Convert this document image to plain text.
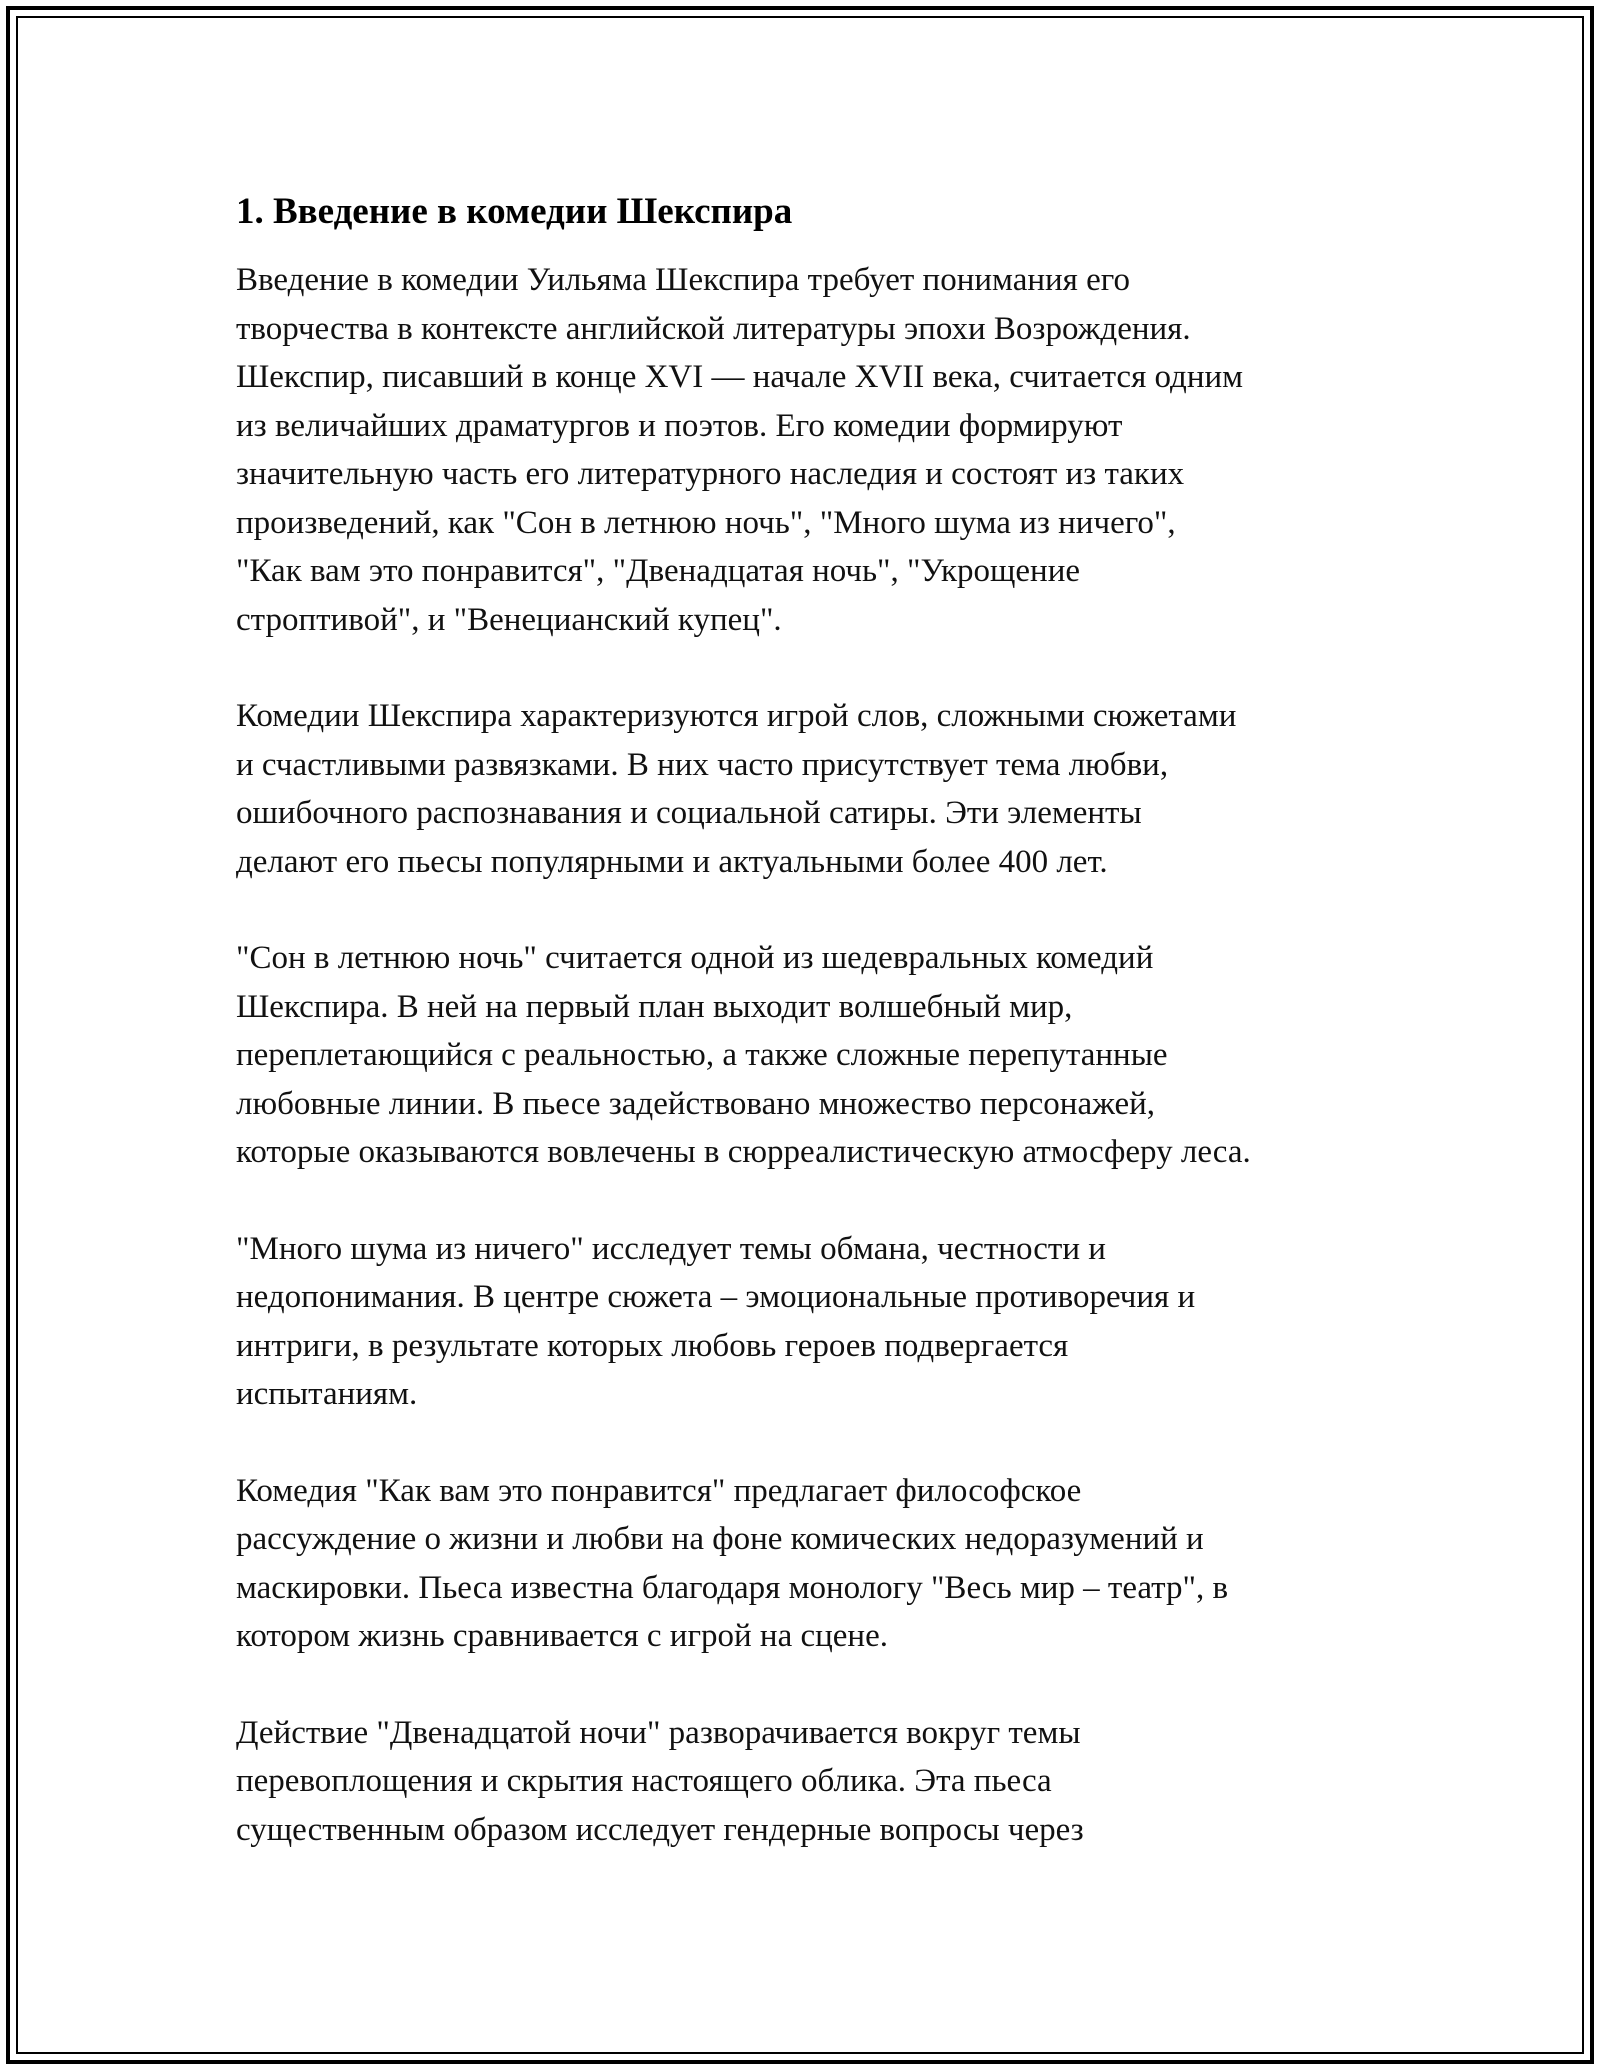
1. Введение в комедии Шекспира
Введение в комедии Уильяма Шекспира требует понимания его
творчества в контексте английской литературы эпохи Возрождения.
Шекспир, писавший в конце XVI — начале XVII века, считается одним
из величайших драматургов и поэтов. Его комедии формируют
значительную часть его литературного наследия и состоят из таких
произведений, как "Сон в летнюю ночь", "Много шума из ничего",
"Как вам это понравится", "Двенадцатая ночь", "Укрощение
строптивой", и "Венецианский купец".
Комедии Шекспира характеризуются игрой слов, сложными сюжетами
и счастливыми развязками. В них часто присутствует тема любви,
ошибочного распознавания и социальной сатиры. Эти элементы
делают его пьесы популярными и актуальными более 400 лет.
"Сон в летнюю ночь" считается одной из шедевральных комедий
Шекспира. В ней на первый план выходит волшебный мир,
переплетающийся с реальностью, а также сложные перепутанные
любовные линии. В пьесе задействовано множество персонажей,
которые оказываются вовлечены в сюрреалистическую атмосферу леса.
"Много шума из ничего" исследует темы обмана, честности и
недопонимания. В центре сюжета – эмоциональные противоречия и
интриги, в результате которых любовь героев подвергается
испытаниям.
Комедия "Как вам это понравится" предлагает философское
рассуждение о жизни и любви на фоне комических недоразумений и
маскировки. Пьеса известна благодаря монологу "Весь мир – театр", в
котором жизнь сравнивается с игрой на сцене.
Действие "Двенадцатой ночи" разворачивается вокруг темы
перевоплощения и скрытия настоящего облика. Эта пьеса
существенным образом исследует гендерные вопросы через
